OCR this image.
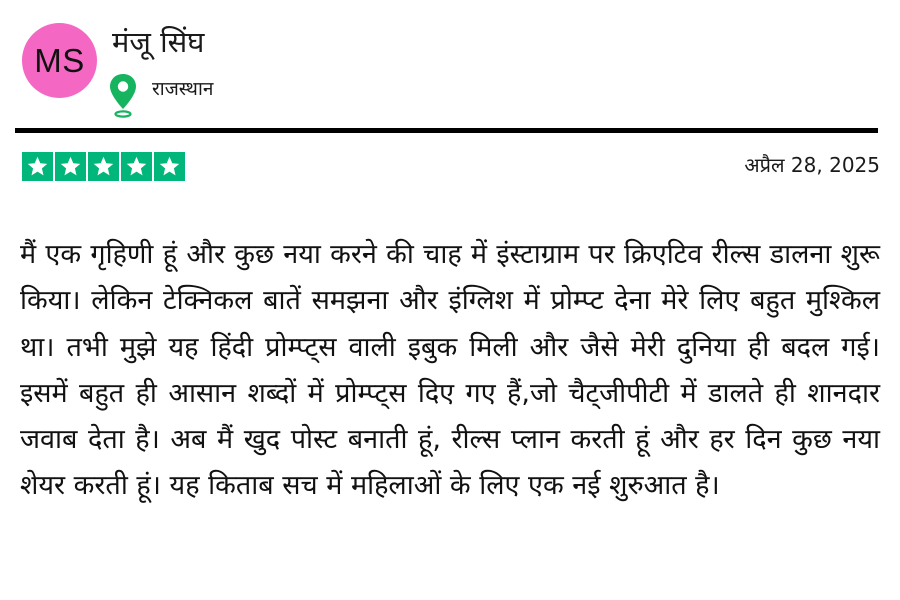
MS मंजू सिंघ
राजस्थान
अप्रैल 28, 2025

मैं एक गृहिणी हूं और कुछ नया करने की चाह में इंस्टाग्राम पर क्रिएटिव रील्स डालना शुरू किया। लेकिन टेक्निकल बातें समझना और इंग्लिश में प्रोम्प्ट देना मेरे लिए बहुत मुश्किल था। तभी मुझे यह हिंदी प्रोम्प्ट्स वाली इबुक मिली और जैसे मेरी दुनिया ही बदल गई। इसमें बहुत ही आसान शब्दों में प्रोम्प्ट्स दिए गए हैं,जो चैट्जीपीटी में डालते ही शानदार जवाब देता है। अब मैं खुद पोस्ट बनाती हूं, रील्स प्लान करती हूं और हर दिन कुछ नया शेयर करती हूं। यह किताब सच में महिलाओं के लिए एक नई शुरुआत है।
